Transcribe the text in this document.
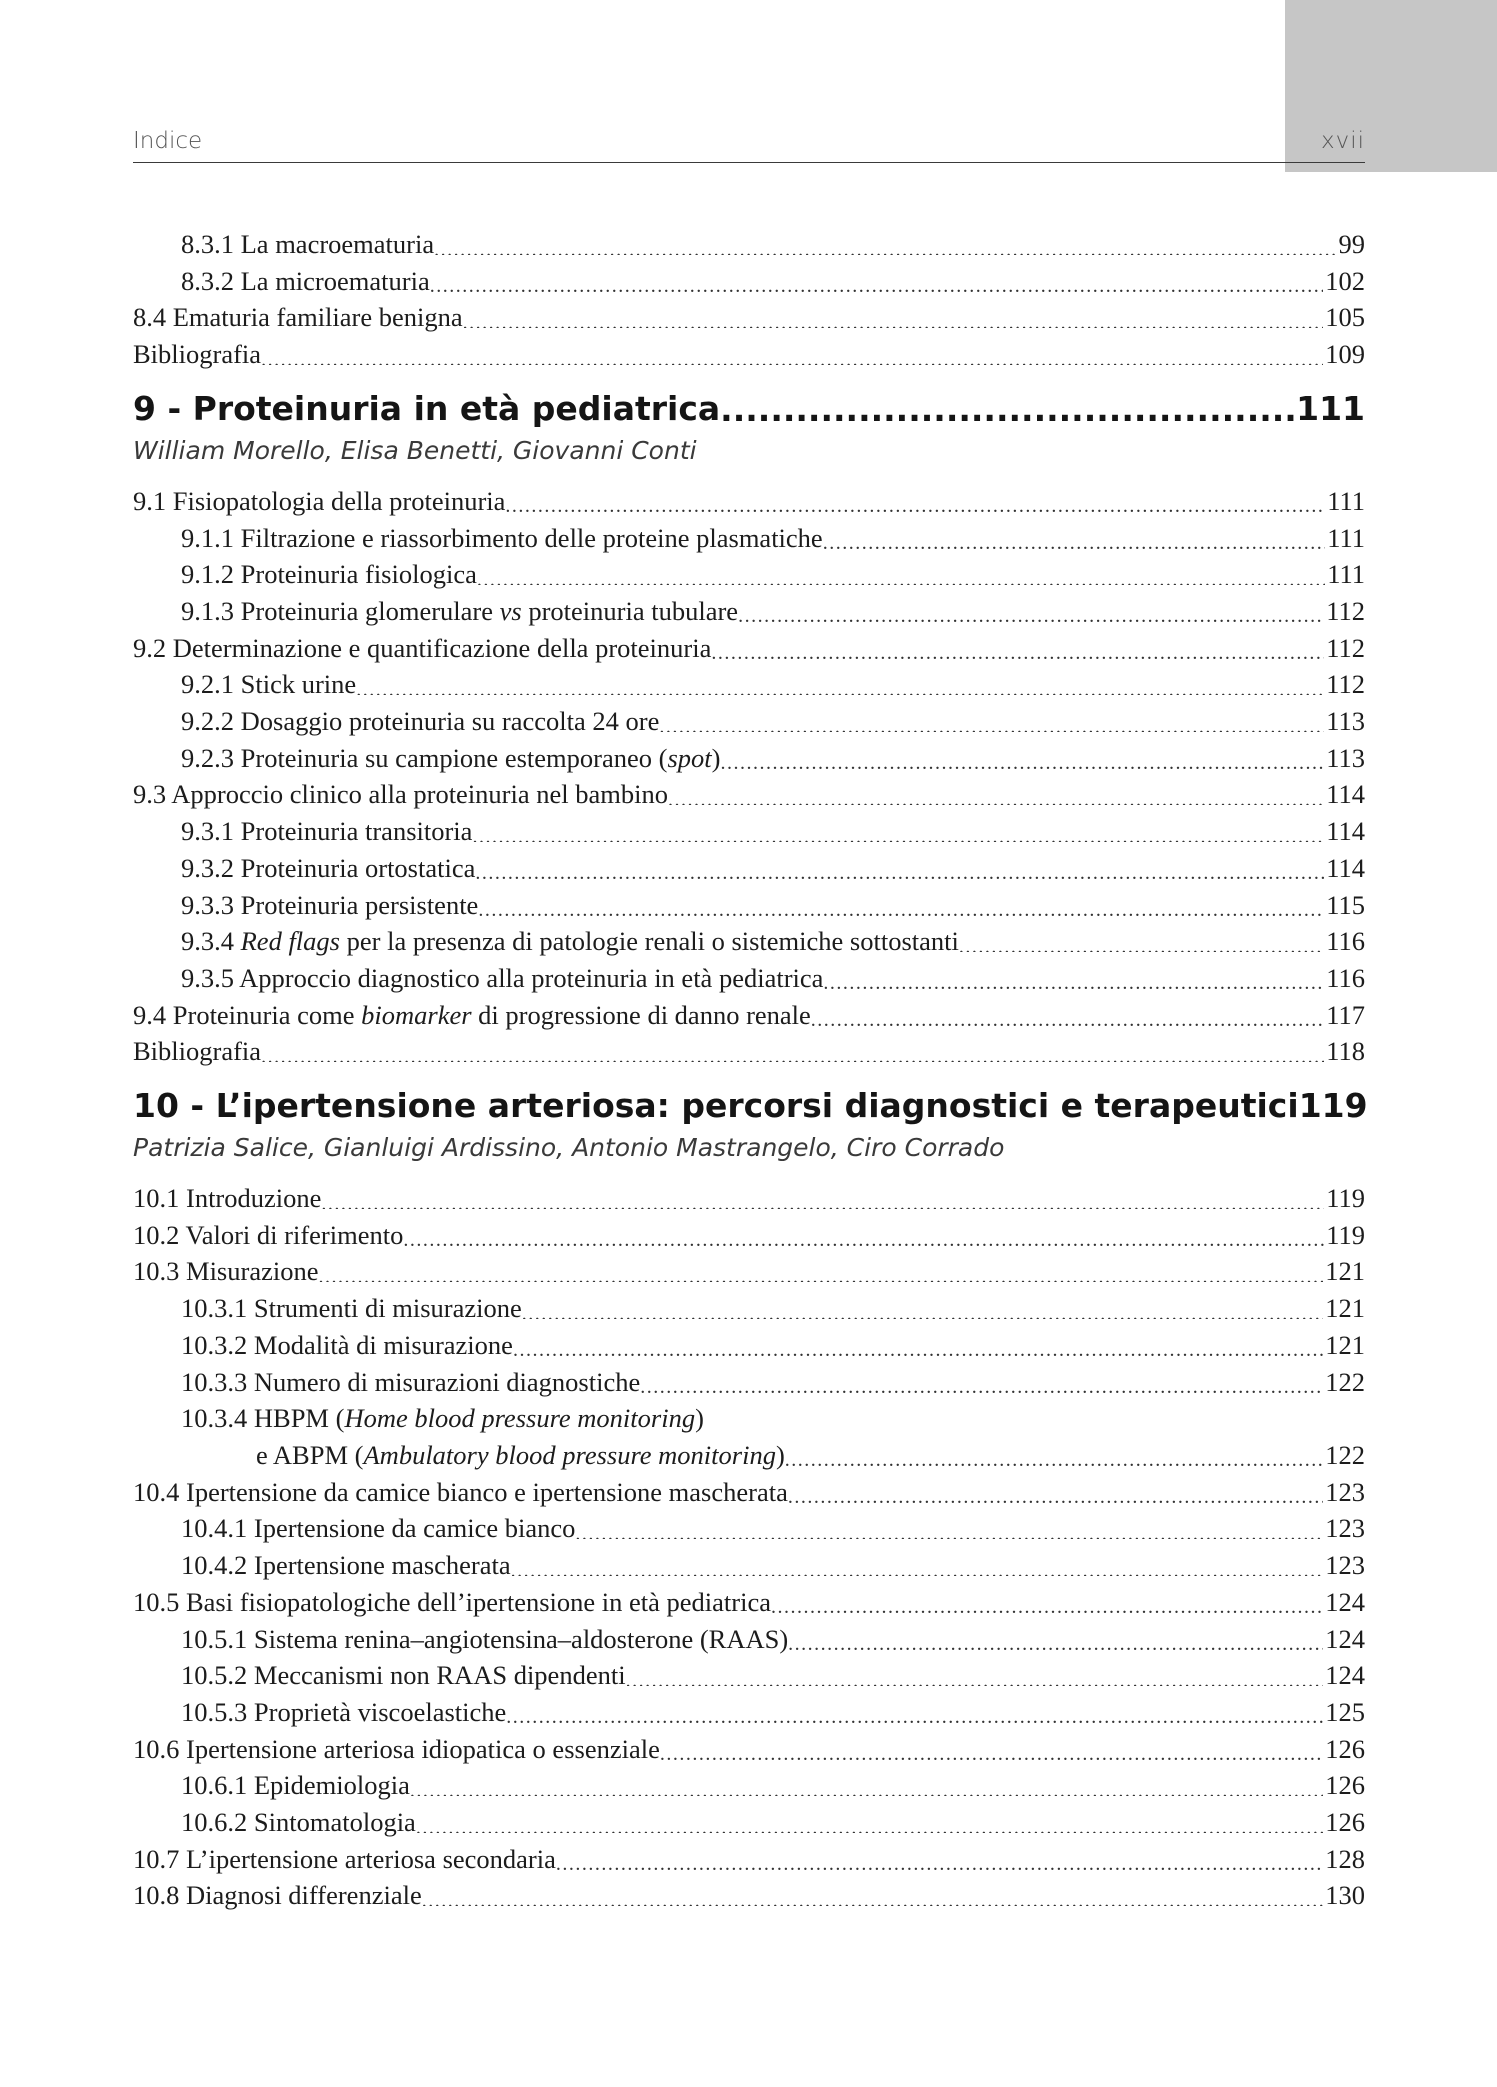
Indice	xvii
8.3.1 La macroematuria .....	99
8.3.2 La microematuria .....	102
8.4 Ematuria familiare benigna .....	105
Bibliografia .....	109
9 - Proteinuria in età pediatrica .....	111
William Morello, Elisa Benetti, Giovanni Conti
9.1 Fisiopatologia della proteinuria .....	111
9.1.1 Filtrazione e riassorbimento delle proteine plasmatiche .....	111
9.1.2 Proteinuria fisiologica .....	111
9.1.3 Proteinuria glomerulare vs proteinuria tubulare .....	112
9.2 Determinazione e quantificazione della proteinuria .....	112
9.2.1 Stick urine .....	112
9.2.2 Dosaggio proteinuria su raccolta 24 ore .....	113
9.2.3 Proteinuria su campione estemporaneo (spot) .....	113
9.3 Approccio clinico alla proteinuria nel bambino .....	114
9.3.1 Proteinuria transitoria .....	114
9.3.2 Proteinuria ortostatica .....	114
9.3.3 Proteinuria persistente .....	115
9.3.4 Red flags per la presenza di patologie renali o sistemiche sottostanti .....	116
9.3.5 Approccio diagnostico alla proteinuria in età pediatrica .....	116
9.4 Proteinuria come biomarker di progressione di danno renale .....	117
Bibliografia .....	118
10 - L’ipertensione arteriosa: percorsi diagnostici e terapeutici 119
Patrizia Salice, Gianluigi Ardissino, Antonio Mastrangelo, Ciro Corrado
10.1 Introduzione .....	119
10.2 Valori di riferimento .....	119
10.3 Misurazione .....	121
10.3.1 Strumenti di misurazione .....	121
10.3.2 Modalità di misurazione .....	121
10.3.3 Numero di misurazioni diagnostiche .....	122
10.3.4 HBPM (Home blood pressure monitoring)
e ABPM (Ambulatory blood pressure monitoring) .....	122
10.4 Ipertensione da camice bianco e ipertensione mascherata .....	123
10.4.1 Ipertensione da camice bianco .....	123
10.4.2 Ipertensione mascherata .....	123
10.5 Basi fisiopatologiche dell’ipertensione in età pediatrica .....	124
10.5.1 Sistema renina–angiotensina–aldosterone (RAAS) .....	124
10.5.2 Meccanismi non RAAS dipendenti .....	124
10.5.3 Proprietà viscoelastiche .....	125
10.6 Ipertensione arteriosa idiopatica o essenziale .....	126
10.6.1 Epidemiologia .....	126
10.6.2 Sintomatologia .....	126
10.7 L’ipertensione arteriosa secondaria .....	128
10.8 Diagnosi differenziale .....	130
